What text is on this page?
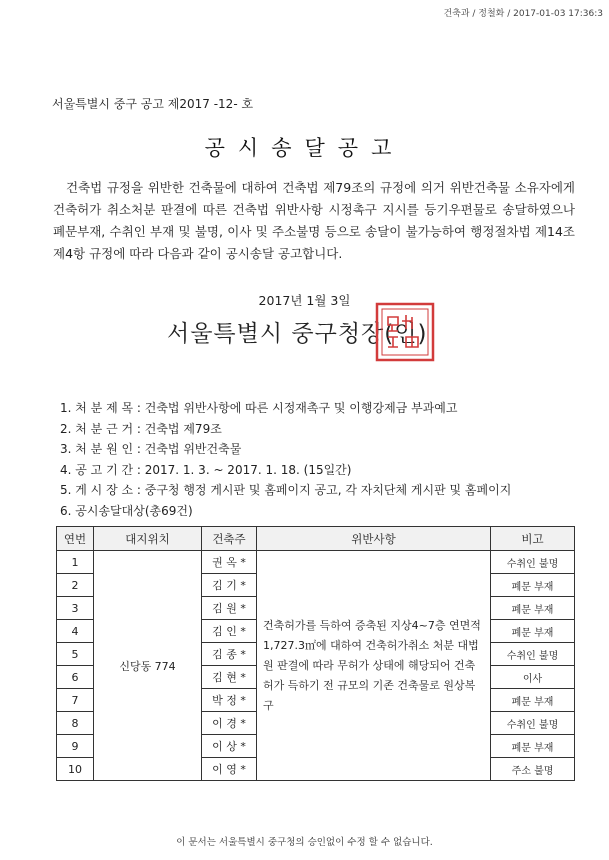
건축과 / 정철화 / 2017-01-03 17:36:3
서울특별시 중구 공고 제2017 -12- 호
공시송달공고
건축법 규정을 위반한 건축물에 대하여 건축법 제79조의 규정에 의거 위반건축물 소유자에게 건축허가 취소처분 판결에 따른 건축법 위반사항 시정촉구 지시를 등기우편물로 송달하였으나 폐문부재, 수취인 부재 및 불명, 이사 및 주소불명 등으로 송달이 불가능하여 행정절차법 제14조제4항 규정에 따라 다음과 같이 공시송달 공고합니다.
2017년 1월 3일
서울특별시 중구청장(인)
1. 처 분 제 목 : 건축법 위반사항에 따른 시정재촉구 및 이행강제금 부과예고
2. 처 분 근 거 : 건축법 제79조
3. 처 분 원 인 : 건축법 위반건축물
4. 공 고 기 간 : 2017. 1. 3. ~ 2017. 1. 18. (15일간)
5. 게 시 장 소 : 중구청 행정 게시판 및 홈페이지 공고, 각 자치단체 게시판 및 홈페이지
6. 공시송달대상(총69건)
연번	대지위치	건축주	위반사항	비고
1	신당동 774	권 옥 *	건축허가를 득하여 증축된 지상4~7층 연면적 1,727.3㎡에 대하여 건축허가취소 처분 대법원 판결에 따라 무허가 상태에 해당되어 건축허가 득하기 전 규모의 기존 건축물로 원상복구	수취인 불명
2		김 기 *		폐문 부재
3		김 원 *		폐문 부재
4		김 인 *		폐문 부재
5		김 종 *		수취인 불명
6		김 현 *		이사
7		박 정 *		폐문 부재
8		이 경 *		수취인 불명
9		이 상 *		폐문 부재
10		이 영 *		주소 불명
이 문서는 서울특별시 중구청의 승인없이 수정 할 수 없습니다.
